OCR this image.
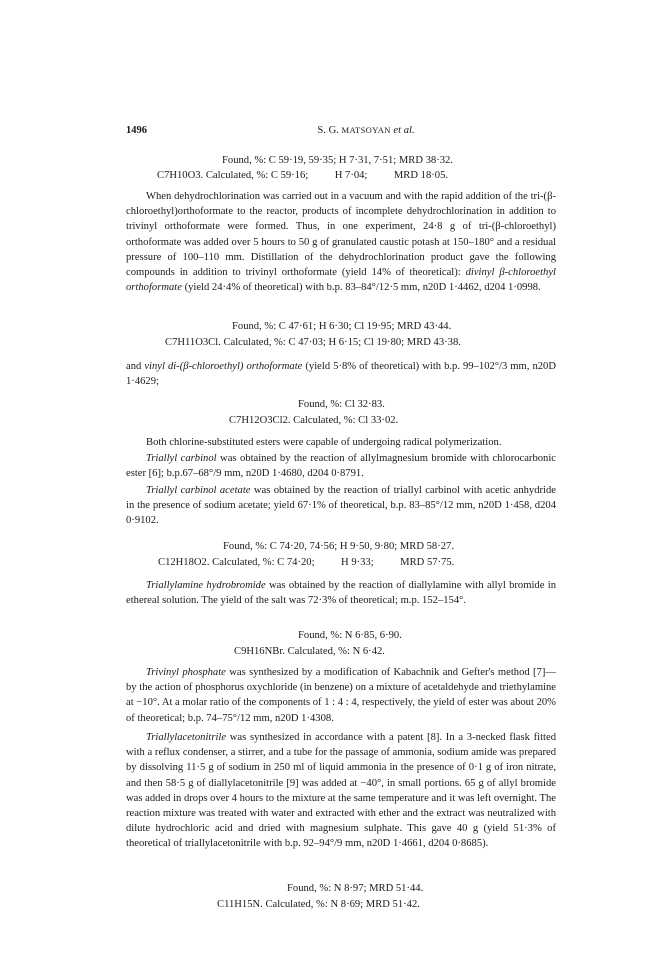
1496	S. G. MATSOYAN et al.
Found, %: C 59·19, 59·35; H 7·31, 7·51; MRD 38·32.
C7H10O3. Calculated, %: C 59·16;          H 7·04;          MRD 18·05.
When dehydrochlorination was carried out in a vacuum and with the rapid addition of the tri-(β-chloroethyl)orthoformate to the reactor, products of incomplete dehydrochlorination in addition to trivinyl orthoformate were formed. Thus, in one experiment, 24·8 g of tri-(β-chloroethyl) orthoformate was added over 5 hours to 50 g of granulated caustic potash at 150–180° and a residual pressure of 100–110 mm. Distillation of the dehydrochlorination product gave the following compounds in addition to trivinyl orthoformate (yield 14% of theoretical): divinyl β-chloroethyl orthoformate (yield 24·4% of theoretical) with b.p. 83–84°/12·5 mm, n20D 1·4462, d204 1·0998.
Found, %: C 47·61; H 6·30; Cl 19·95; MRD 43·44.
C7H11O3Cl. Calculated, %: C 47·03; H 6·15; Cl 19·80; MRD 43·38.
and vinyl di-(β-chloroethyl) orthoformate (yield 5·8% of theoretical) with b.p. 99–102°/3 mm, n20D 1·4629;
Found, %: Cl 32·83.
C7H12O3Cl2. Calculated, %: Cl 33·02.
Both chlorine-substituted esters were capable of undergoing radical polymerization.
Triallyl carbinol was obtained by the reaction of allylmagnesium bromide with chlorocarbonic ester [6]; b.p.67–68°/9 mm, n20D 1·4680, d204 0·8791.
Triallyl carbinol acetate was obtained by the reaction of triallyl carbinol with acetic anhydride in the presence of sodium acetate; yield 67·1% of theoretical, b.p. 83–85°/12 mm, n20D 1·458, d204 0·9102.
Found, %: C 74·20, 74·56; H 9·50, 9·80; MRD 58·27.
C12H18O2. Calculated, %: C 74·20;          H 9·33;          MRD 57·75.
Triallylamine hydrobromide was obtained by the reaction of diallylamine with allyl bromide in ethereal solution. The yield of the salt was 72·3% of theoretical; m.p. 152–154°.
Found, %: N 6·85, 6·90.
C9H16NBr. Calculated, %: N 6·42.
Trivinyl phosphate was synthesized by a modification of Kabachnik and Gefter's method [7]—by the action of phosphorus oxychloride (in benzene) on a mixture of acetaldehyde and triethylamine at −10°. At a molar ratio of the components of 1 : 4 : 4, respectively, the yield of ester was about 20% of theoretical; b.p. 74–75°/12 mm, n20D 1·4308.
Triallylacetonitrile was synthesized in accordance with a patent [8]. In a 3-necked flask fitted with a reflux condenser, a stirrer, and a tube for the passage of ammonia, sodium amide was prepared by dissolving 11·5 g of sodium in 250 ml of liquid ammonia in the presence of 0·1 g of iron nitrate, and then 58·5 g of diallylacetonitrile [9] was added at −40°, in small portions. 65 g of allyl bromide was added in drops over 4 hours to the mixture at the same temperature and it was left overnight. The reaction mixture was treated with water and extracted with ether and the extract was neutralized with dilute hydrochloric acid and dried with magnesium sulphate. This gave 40 g (yield 51·3% of theoretical of triallylacetonitrile with b.p. 92–94°/9 mm, n20D 1·4661, d204 0·8685).
Found, %: N 8·97; MRD 51·44.
C11H15N. Calculated, %: N 8·69; MRD 51·42.
